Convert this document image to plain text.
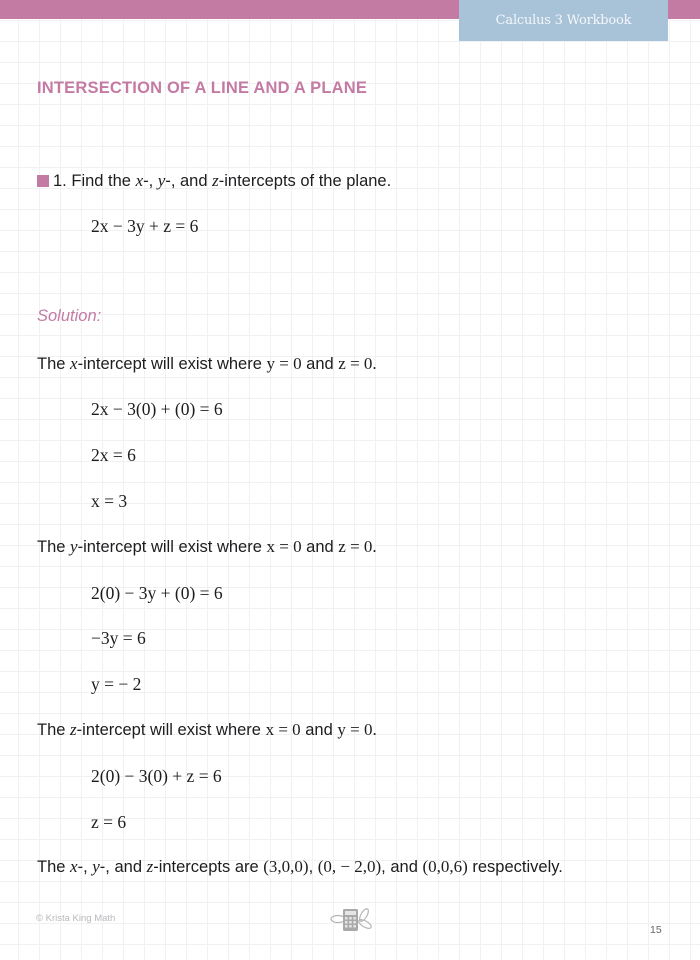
Calculus 3 Workbook
INTERSECTION OF A LINE AND A PLANE
1. Find the x-, y-, and z-intercepts of the plane.
2x − 3y + z = 6
Solution:
The x-intercept will exist where y = 0 and z = 0.
2x − 3(0) + (0) = 6
2x = 6
x = 3
The y-intercept will exist where x = 0 and z = 0.
2(0) − 3y + (0) = 6
−3y = 6
y = − 2
The z-intercept will exist where x = 0 and y = 0.
2(0) − 3(0) + z = 6
z = 6
The x-, y-, and z-intercepts are (3,0,0), (0, − 2,0), and (0,0,6) respectively.
© Krista King Math
15
